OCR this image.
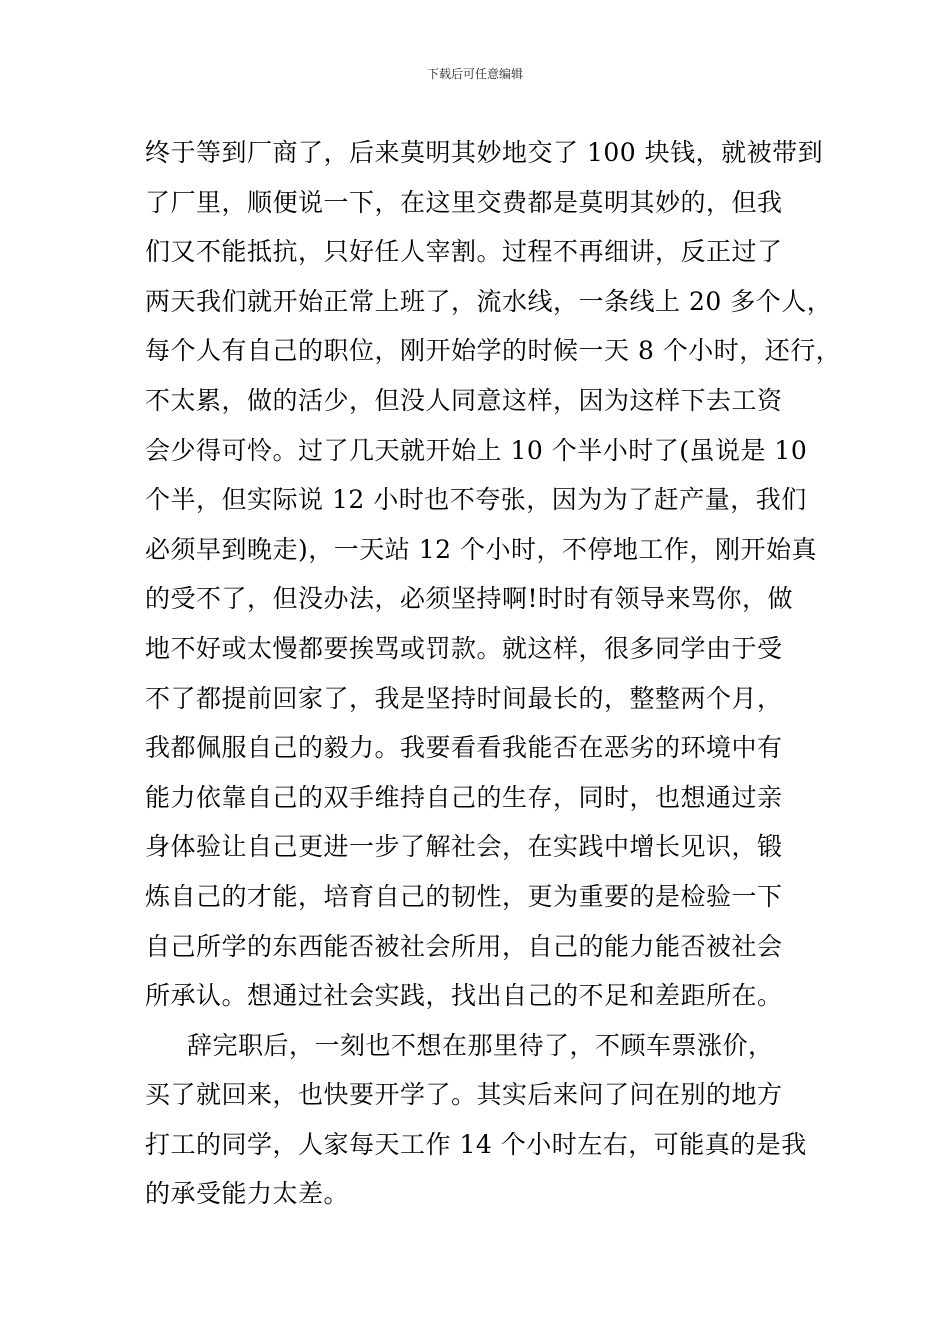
下载后可任意编辑
终于等到厂商了，后来莫明其妙地交了 100 块钱，就被带到
了厂里，顺便说一下，在这里交费都是莫明其妙的，但我
们又不能抵抗，只好任人宰割。过程不再细讲，反正过了
两天我们就开始正常上班了，流水线，一条线上 20 多个人，
每个人有自己的职位，刚开始学的时候一天 8 个小时，还行，
不太累，做的活少，但没人同意这样，因为这样下去工资
会少得可怜。过了几天就开始上 10 个半小时了(虽说是 10
个半，但实际说 12 小时也不夸张，因为为了赶产量，我们
必须早到晚走)，一天站 12 个小时，不停地工作，刚开始真
的受不了，但没办法，必须坚持啊!时时有领导来骂你，做
地不好或太慢都要挨骂或罚款。就这样，很多同学由于受
不了都提前回家了，我是坚持时间最长的，整整两个月，
我都佩服自己的毅力。我要看看我能否在恶劣的环境中有
能力依靠自己的双手维持自己的生存，同时，也想通过亲
身体验让自己更进一步了解社会，在实践中增长见识，锻
炼自己的才能，培育自己的韧性，更为重要的是检验一下
自己所学的东西能否被社会所用，自己的能力能否被社会
所承认。想通过社会实践，找出自己的不足和差距所在。
辞完职后，一刻也不想在那里待了，不顾车票涨价，
买了就回来，也快要开学了。其实后来问了问在别的地方
打工的同学，人家每天工作 14 个小时左右，可能真的是我
的承受能力太差。
